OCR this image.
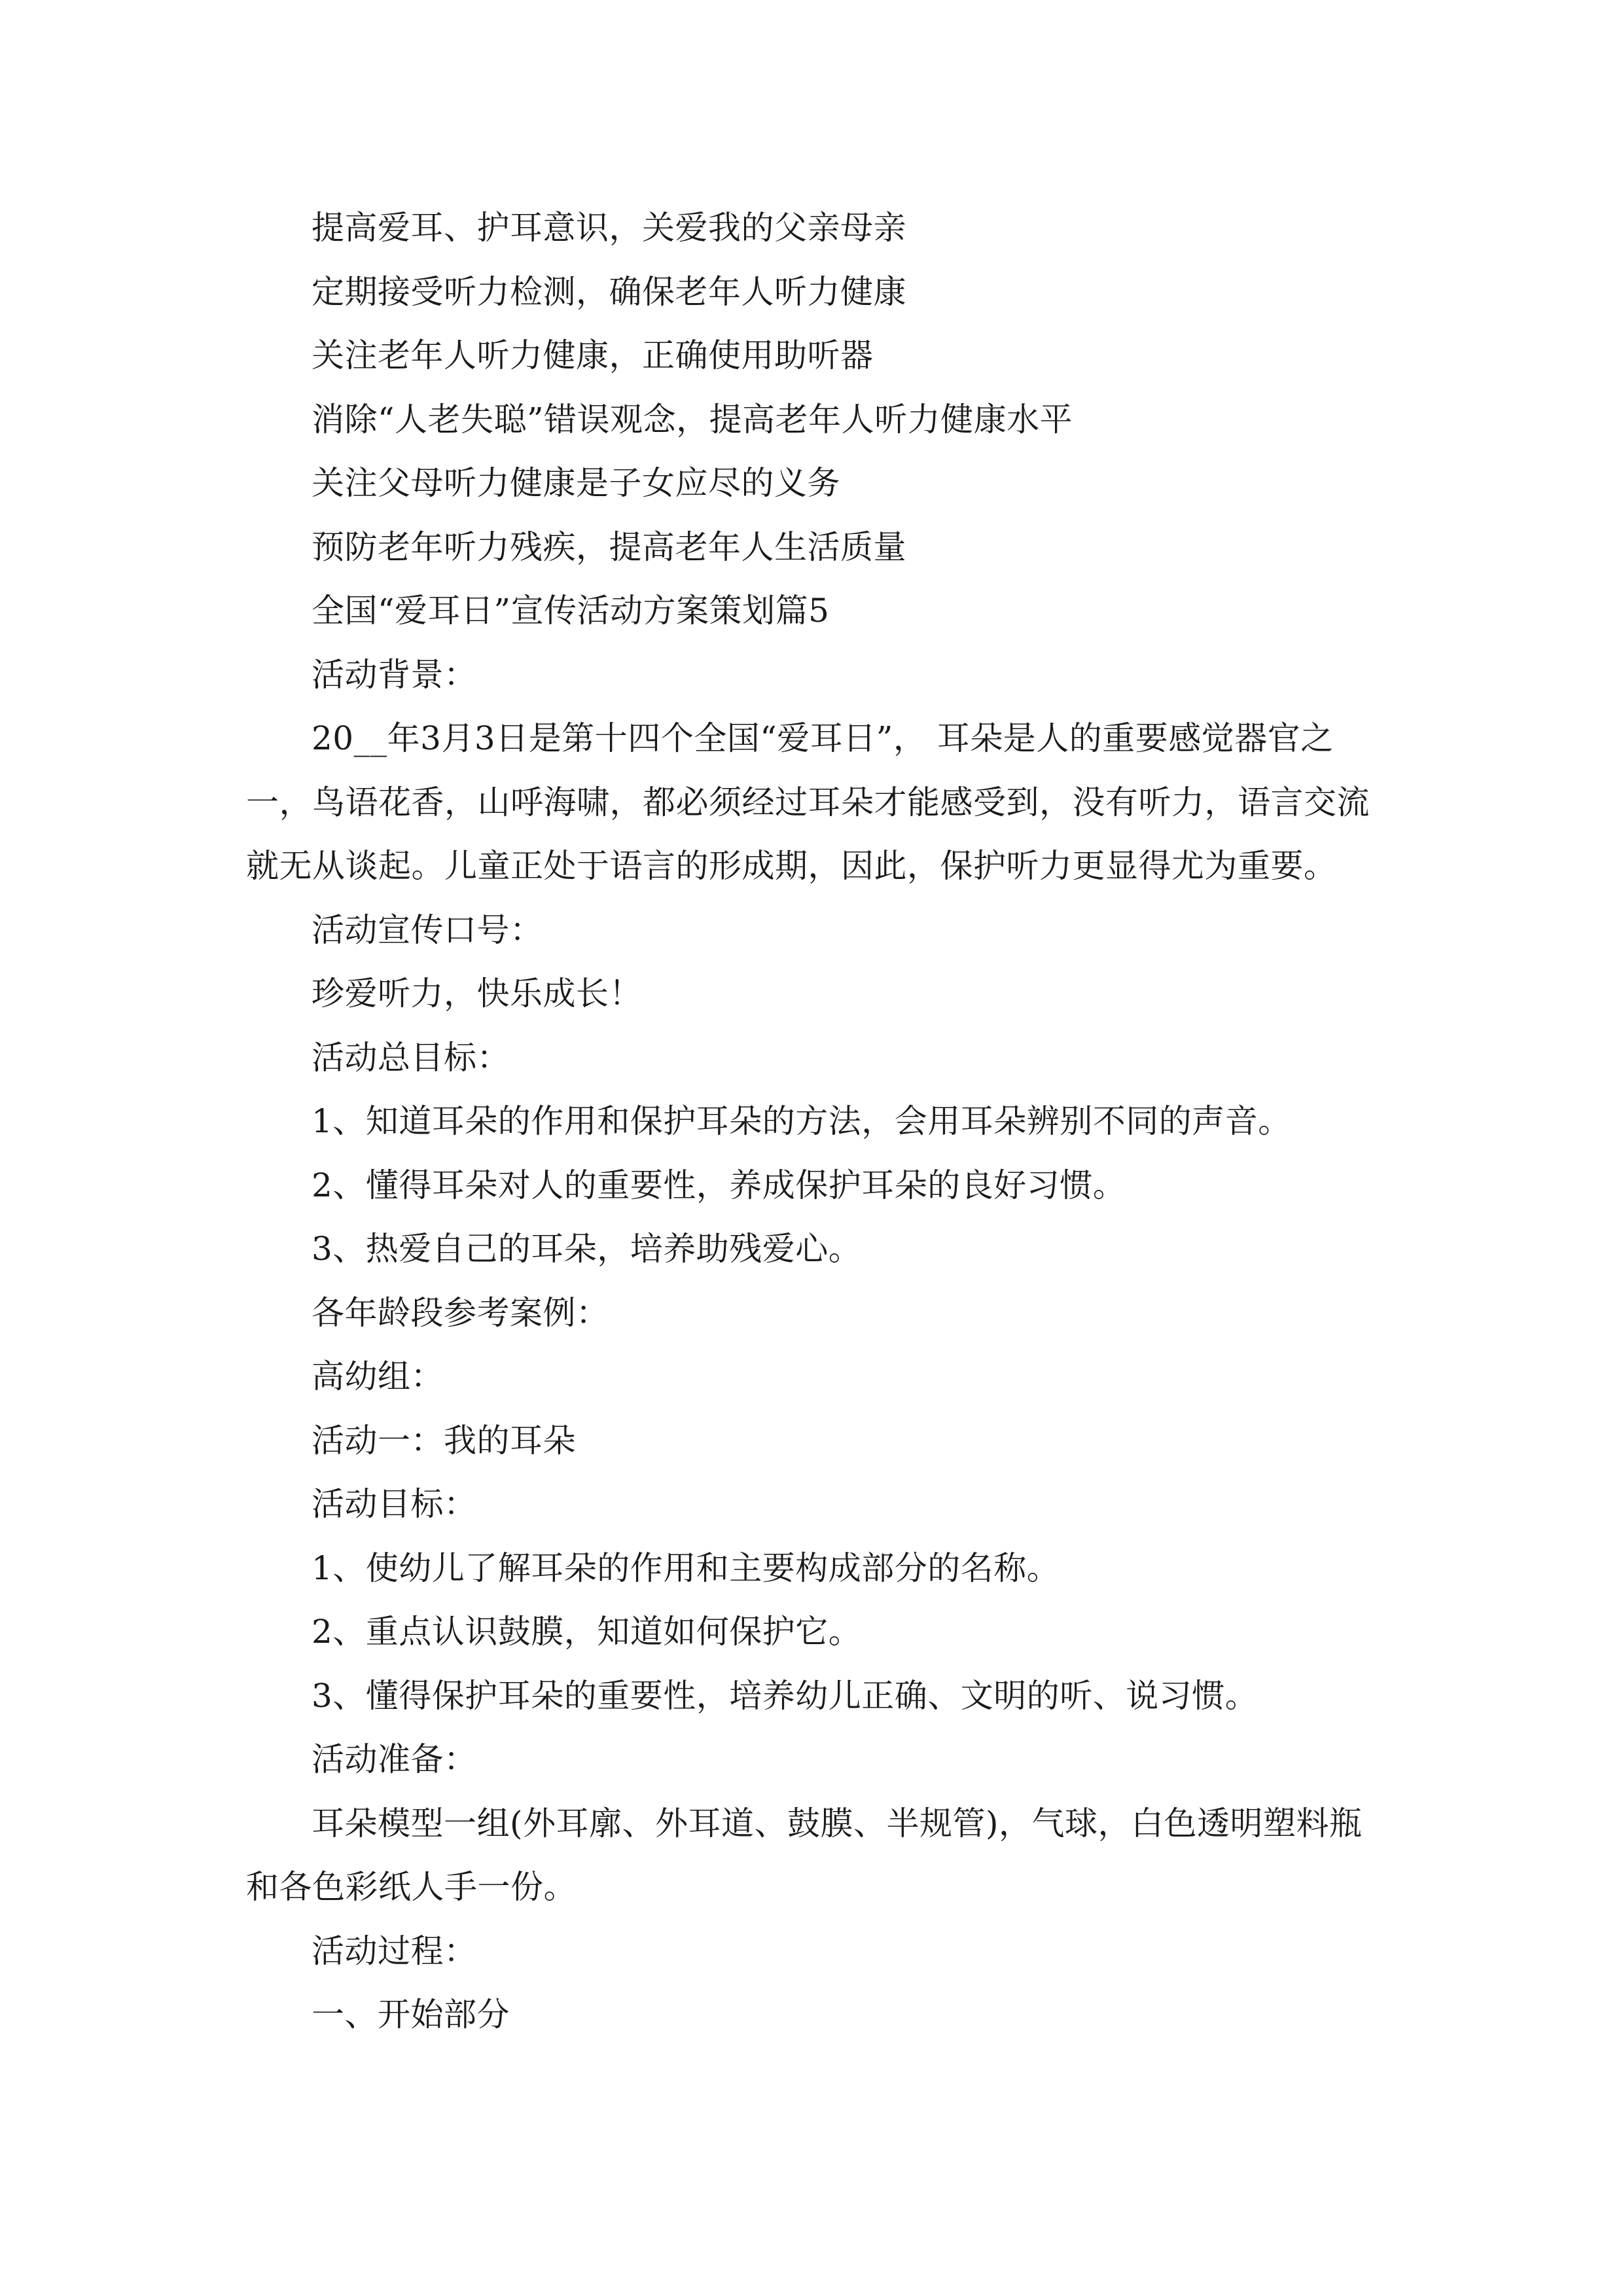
提高爱耳、护耳意识，关爱我的父亲母亲

定期接受听力检测，确保老年人听力健康

关注老年人听力健康，正确使用助听器

消除“人老失聪”错误观念，提高老年人听力健康水平

关注父母听力健康是子女应尽的义务

预防老年听力残疾，提高老年人生活质量

全国“爱耳日”宣传活动方案策划篇5

活动背景：

20__年3月3日是第十四个全国“爱耳日”， 耳朵是人的重要感觉器官之一，鸟语花香，山呼海啸，都必须经过耳朵才能感受到，没有听力，语言交流就无从谈起。儿童正处于语言的形成期，因此，保护听力更显得尤为重要。

活动宣传口号：

珍爱听力，快乐成长！

活动总目标：

1、知道耳朵的作用和保护耳朵的方法，会用耳朵辨别不同的声音。

2、懂得耳朵对人的重要性，养成保护耳朵的良好习惯。

3、热爱自己的耳朵，培养助残爱心。

各年龄段参考案例：

高幼组：

活动一：我的耳朵

活动目标：

1、使幼儿了解耳朵的作用和主要构成部分的名称。

2、重点认识鼓膜，知道如何保护它。

3、懂得保护耳朵的重要性，培养幼儿正确、文明的听、说习惯。

活动准备：

耳朵模型一组(外耳廓、外耳道、鼓膜、半规管)，气球，白色透明塑料瓶和各色彩纸人手一份。

活动过程：

一、开始部分
